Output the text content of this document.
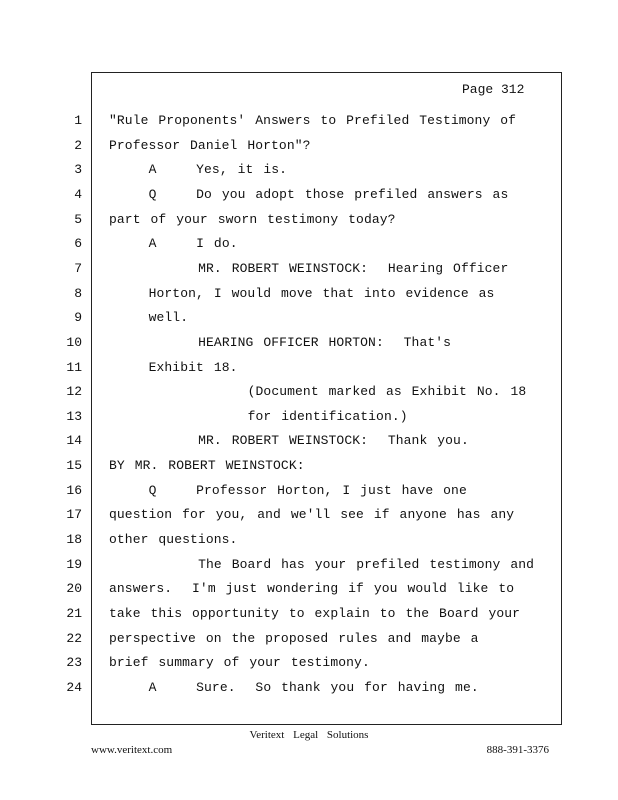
Page 312
1 "Rule Proponents' Answers to Prefiled Testimony of
2 Professor Daniel Horton"?
3 A    Yes, it is.
4 Q    Do you adopt those prefiled answers as
5 part of your sworn testimony today?
6 A    I do.
7 MR. ROBERT WEINSTOCK:  Hearing Officer
8 Horton, I would move that into evidence as
9 well.
10 HEARING OFFICER HORTON:  That's
11 Exhibit 18.
12 (Document marked as Exhibit No. 18
13 for identification.)
14 MR. ROBERT WEINSTOCK:  Thank you.
15 BY MR. ROBERT WEINSTOCK:
16 Q    Professor Horton, I just have one
17 question for you, and we'll see if anyone has any
18 other questions.
19 The Board has your prefiled testimony and
20 answers.  I'm just wondering if you would like to
21 take this opportunity to explain to the Board your
22 perspective on the proposed rules and maybe a
23 brief summary of your testimony.
24 A    Sure.  So thank you for having me.
Veritext Legal Solutions
www.veritext.com	888-391-3376
